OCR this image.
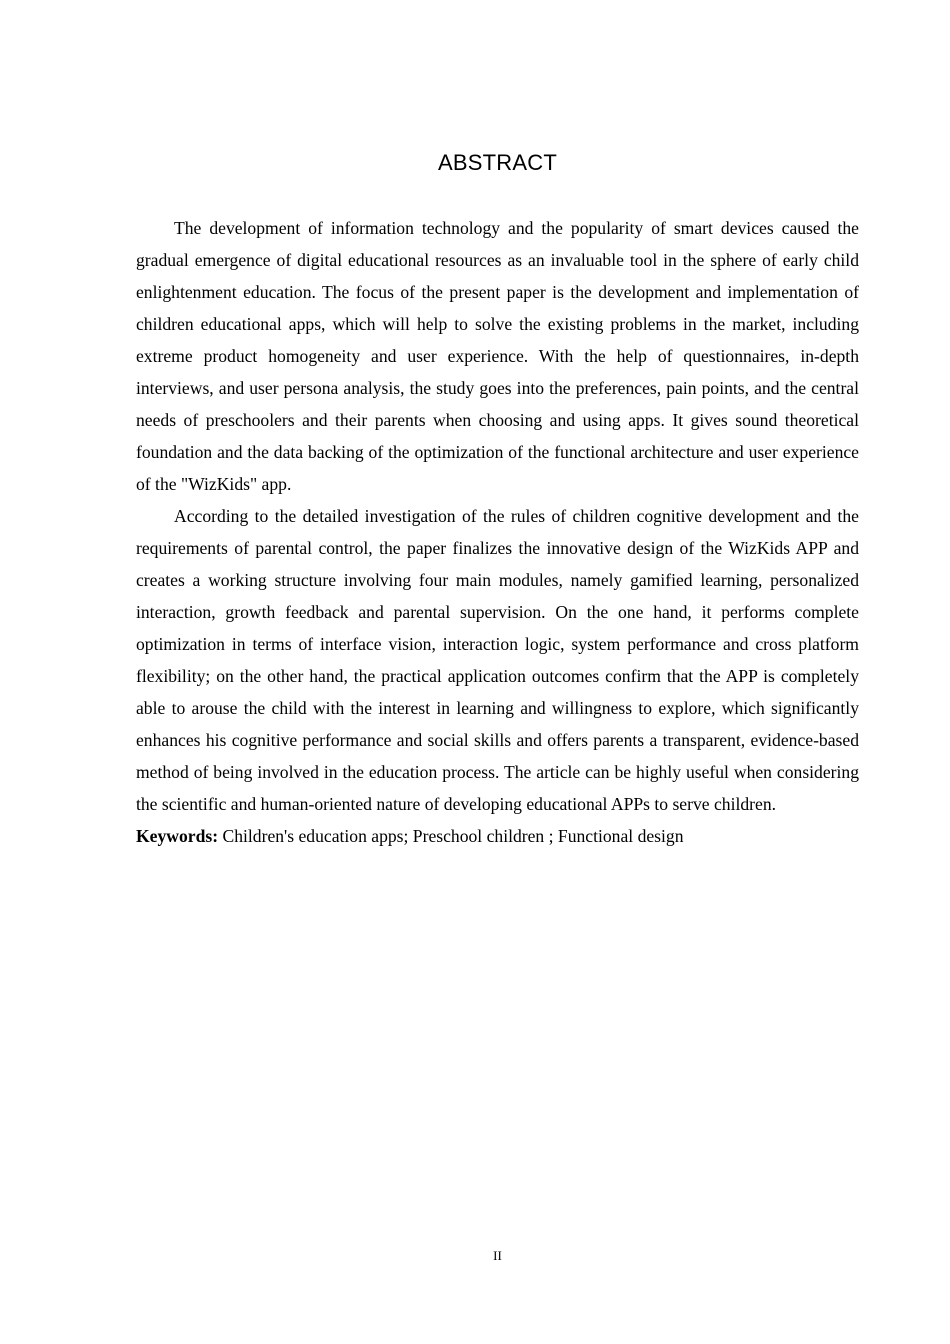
ABSTRACT

The development of information technology and the popularity of smart devices caused the gradual emergence of digital educational resources as an invaluable tool in the sphere of early child enlightenment education. The focus of the present paper is the development and implementation of children educational apps, which will help to solve the existing problems in the market, including extreme product homogeneity and user experience. With the help of questionnaires, in-depth interviews, and user persona analysis, the study goes into the preferences, pain points, and the central needs of preschoolers and their parents when choosing and using apps. It gives sound theoretical foundation and the data backing of the optimization of the functional architecture and user experience of the "WizKids" app.

According to the detailed investigation of the rules of children cognitive development and the requirements of parental control, the paper finalizes the innovative design of the WizKids APP and creates a working structure involving four main modules, namely gamified learning, personalized interaction, growth feedback and parental supervision. On the one hand, it performs complete optimization in terms of interface vision, interaction logic, system performance and cross platform flexibility; on the other hand, the practical application outcomes confirm that the APP is completely able to arouse the child with the interest in learning and willingness to explore, which significantly enhances his cognitive performance and social skills and offers parents a transparent, evidence-based method of being involved in the education process. The article can be highly useful when considering the scientific and human-oriented nature of developing educational APPs to serve children.

Keywords: Children's education apps; Preschool children ; Functional design

II
